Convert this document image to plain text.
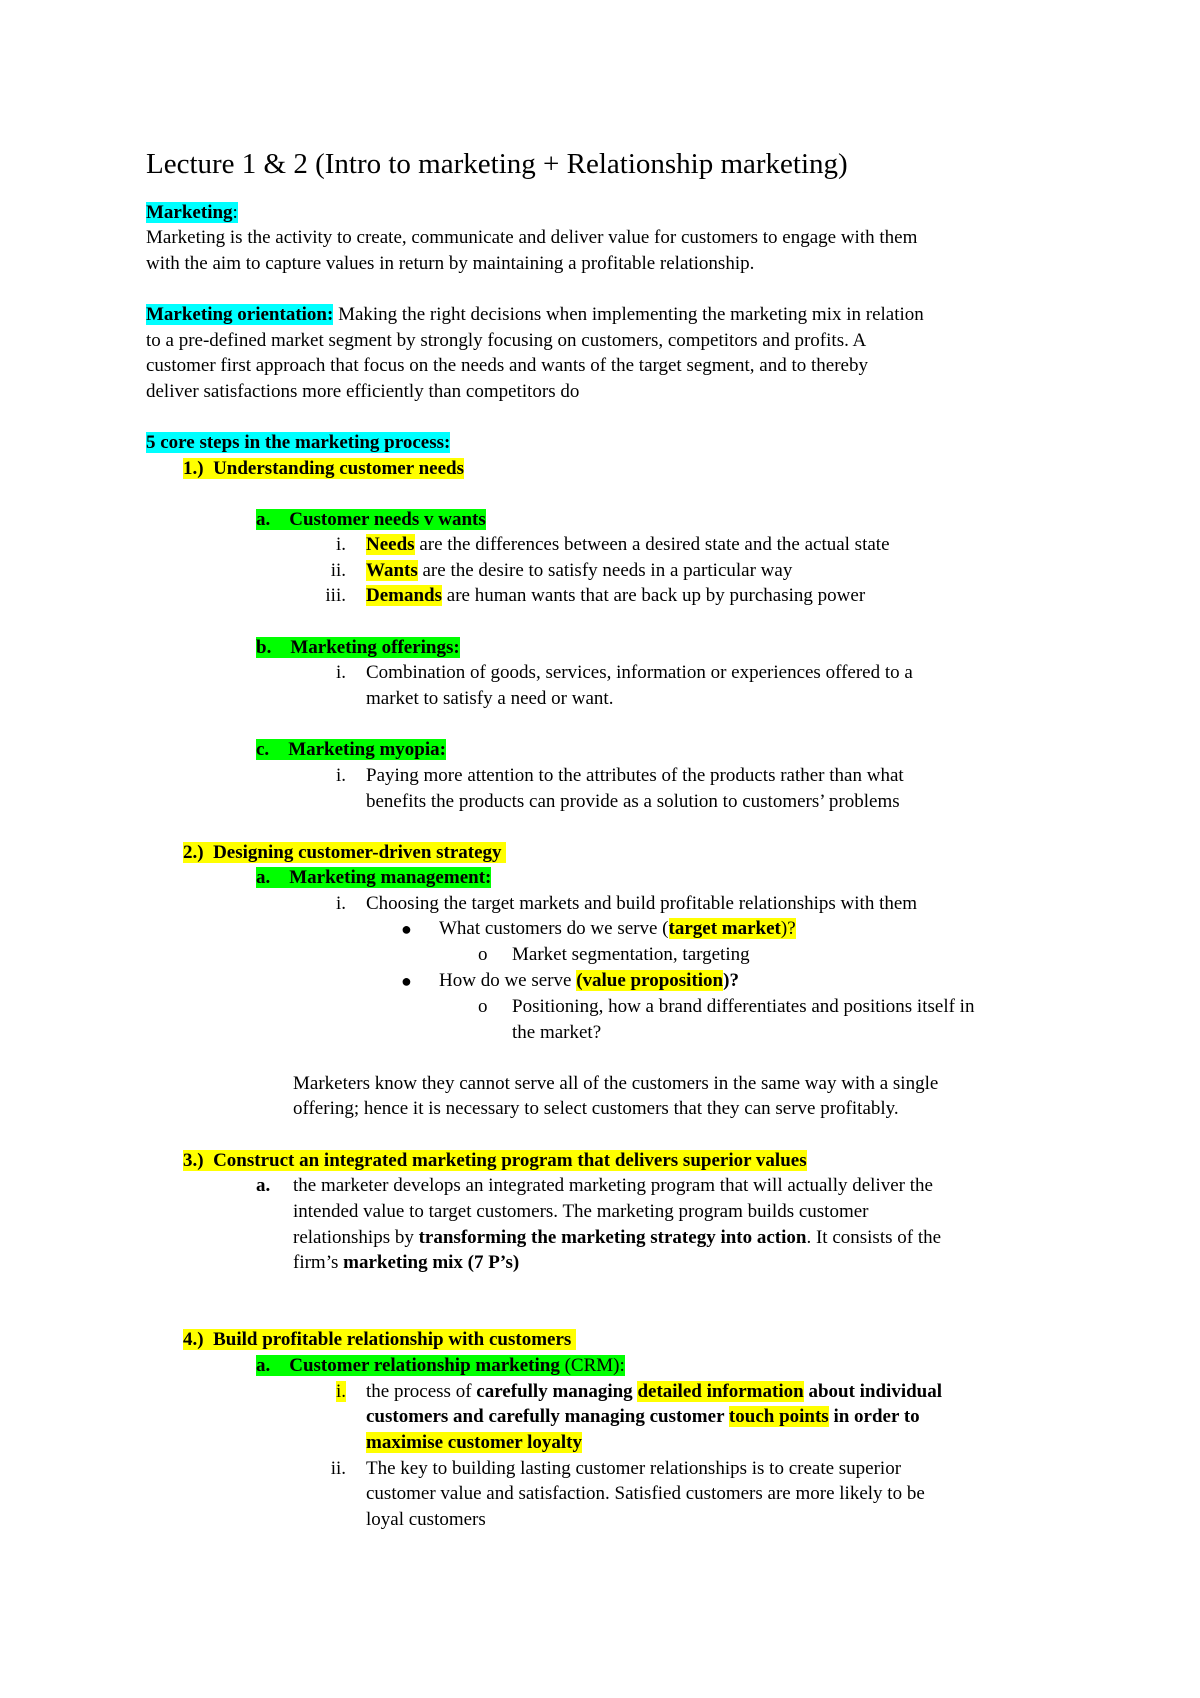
Lecture 1 & 2 (Intro to marketing + Relationship marketing)
Marketing:
Marketing is the activity to create, communicate and deliver value for customers to engage with them
with the aim to capture values in return by maintaining a profitable relationship.
Marketing orientation: Making the right decisions when implementing the marketing mix in relation
to a pre-defined market segment by strongly focusing on customers, competitors and profits. A
customer first approach that focus on the needs and wants of the target segment, and to thereby
deliver satisfactions more efficiently than competitors do
5 core steps in the marketing process:
1.) Understanding customer needs
a. Customer needs v wants
i. Needs are the differences between a desired state and the actual state
ii. Wants are the desire to satisfy needs in a particular way
iii. Demands are human wants that are back up by purchasing power
b. Marketing offerings:
i. Combination of goods, services, information or experiences offered to a
market to satisfy a need or want.
c. Marketing myopia:
i. Paying more attention to the attributes of the products rather than what
benefits the products can provide as a solution to customers’ problems
2.) Designing customer-driven strategy
a. Marketing management:
i. Choosing the target markets and build profitable relationships with them
● What customers do we serve (target market)?
o Market segmentation, targeting
● How do we serve (value proposition)?
o Positioning, how a brand differentiates and positions itself in
the market?
Marketers know they cannot serve all of the customers in the same way with a single
offering; hence it is necessary to select customers that they can serve profitably.
3.) Construct an integrated marketing program that delivers superior values
a. the marketer develops an integrated marketing program that will actually deliver the
intended value to target customers. The marketing program builds customer
relationships by transforming the marketing strategy into action. It consists of the
firm’s marketing mix (7 P’s)
4.) Build profitable relationship with customers
a. Customer relationship marketing (CRM):
i. the process of carefully managing detailed information about individual
customers and carefully managing customer touch points in order to
maximise customer loyalty
ii. The key to building lasting customer relationships is to create superior
customer value and satisfaction. Satisfied customers are more likely to be
loyal customers
